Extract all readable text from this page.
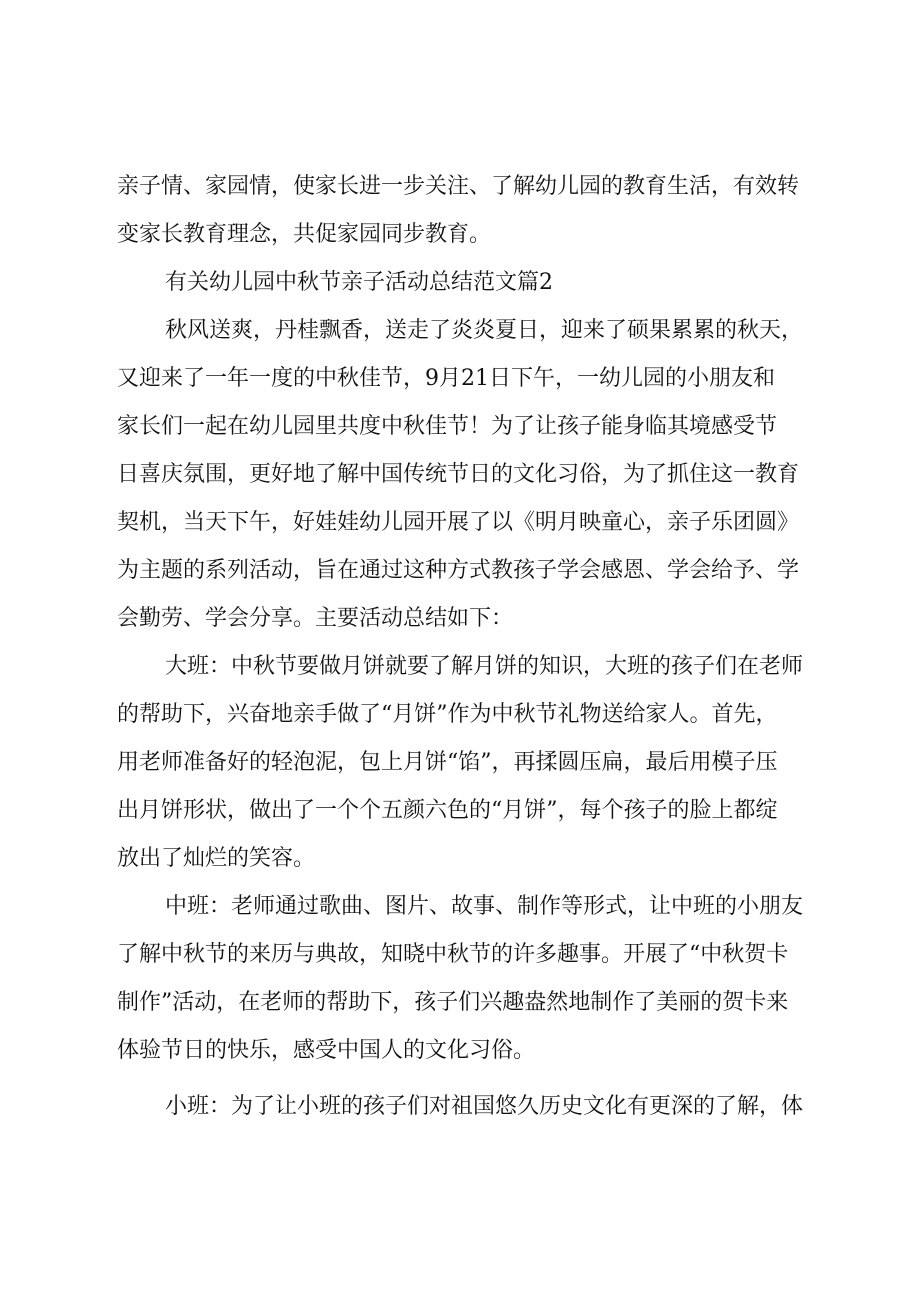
亲子情、家园情，使家长进一步关注、了解幼儿园的教育生活，有效转
变家长教育理念，共促家园同步教育。
有关幼儿园中秋节亲子活动总结范文篇2
秋风送爽，丹桂飘香，送走了炎炎夏日，迎来了硕果累累的秋天，
又迎来了一年一度的中秋佳节，9月21日下午，一幼儿园的小朋友和
家长们一起在幼儿园里共度中秋佳节！为了让孩子能身临其境感受节
日喜庆氛围，更好地了解中国传统节日的文化习俗，为了抓住这一教育
契机，当天下午，好娃娃幼儿园开展了以《明月映童心，亲子乐团圆》
为主题的系列活动，旨在通过这种方式教孩子学会感恩、学会给予、学
会勤劳、学会分享。主要活动总结如下：
大班：中秋节要做月饼就要了解月饼的知识，大班的孩子们在老师
的帮助下，兴奋地亲手做了“月饼”作为中秋节礼物送给家人。首先，
用老师准备好的轻泡泥，包上月饼“馅”，再揉圆压扁，最后用模子压
出月饼形状，做出了一个个五颜六色的“月饼”，每个孩子的脸上都绽
放出了灿烂的笑容。
中班：老师通过歌曲、图片、故事、制作等形式，让中班的小朋友
了解中秋节的来历与典故，知晓中秋节的许多趣事。开展了“中秋贺卡
制作”活动，在老师的帮助下，孩子们兴趣盎然地制作了美丽的贺卡来
体验节日的快乐，感受中国人的文化习俗。
小班：为了让小班的孩子们对祖国悠久历史文化有更深的了解，体
